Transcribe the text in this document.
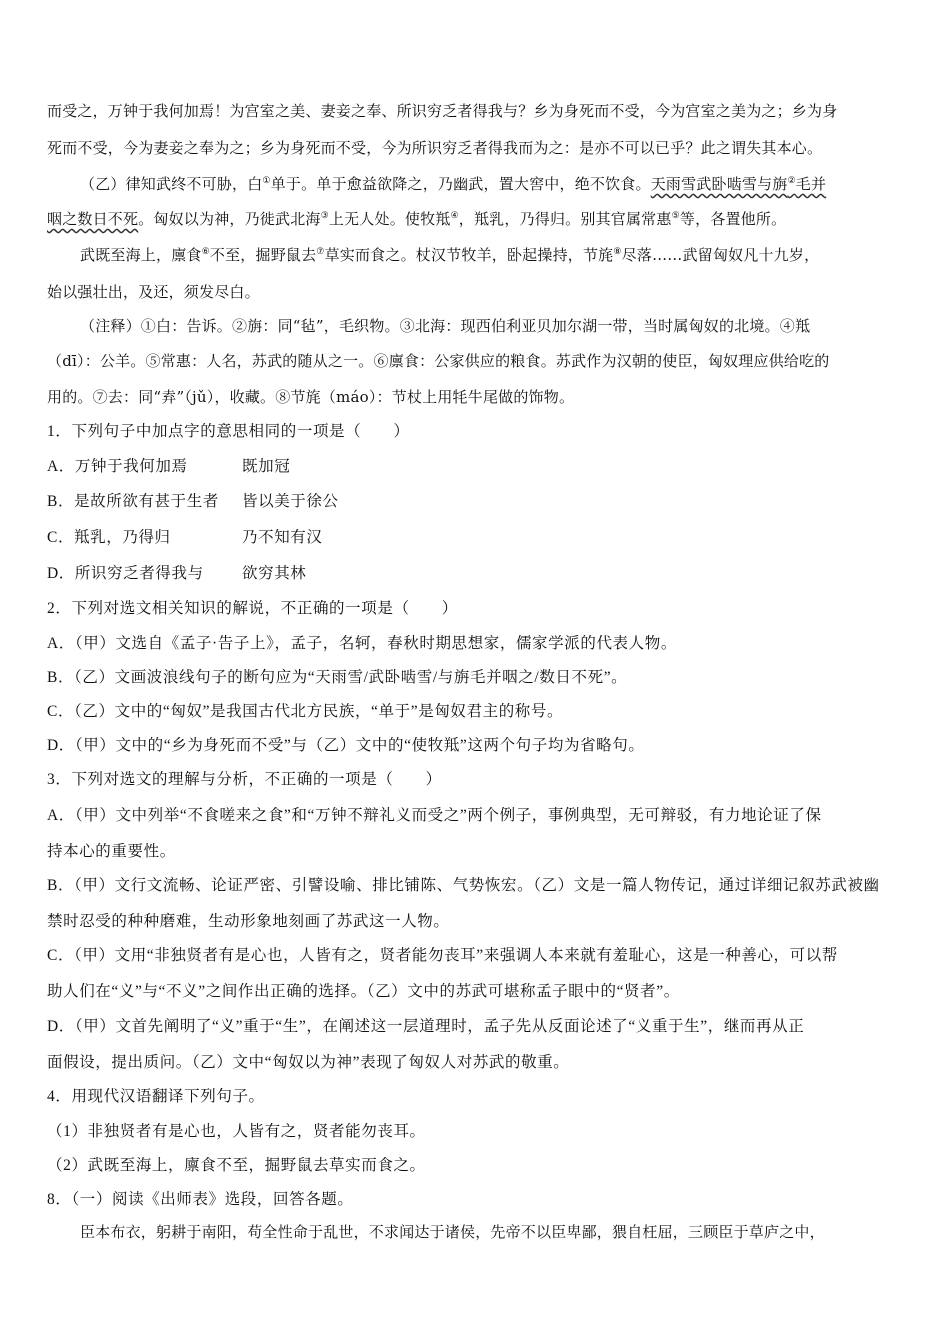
而受之，万钟于我何加焉！为宫室之美、妻妾之奉、所识穷乏者得我与？乡为身死而不受，今为宫室之美为之；乡为身
死而不受，今为妻妾之奉为之；乡为身死而不受，今为所识穷乏者得我而为之：是亦不可以已乎？此之谓失其本心。
（乙）律知武终不可胁，白①单于。单于愈益欲降之，乃幽武，置大窖中，绝不饮食。天雨雪武卧啮雪与旃②毛并
咽之数日不死。匈奴以为神，乃徙武北海③上无人处。使牧羝④，羝乳，乃得归。别其官属常惠⑤等，各置他所。
武既至海上，廪食⑥不至，掘野鼠去⑦草实而食之。杖汉节牧羊，卧起操持，节旄⑧尽落……武留匈奴凡十九岁，
始以强壮出，及还，须发尽白。
（注释）①白：告诉。②旃：同“毡”，毛织物。③北海：现西伯利亚贝加尔湖一带，当时属匈奴的北境。④羝
（dī）：公羊。⑤常惠：人名，苏武的随从之一。⑥廪食：公家供应的粮食。苏武作为汉朝的使臣，匈奴理应供给吃的
用的。⑦去：同“弆”（jǔ），收藏。⑧节旄（máo）：节杖上用牦牛尾做的饰物。
1．下列句子中加点字的意思相同的一项是（　　）
A．万钟于我何加焉	既加冠
B．是故所欲有甚于生者 皆以美于徐公
C．羝乳，乃得归	乃不知有汉
D．所识穷乏者得我与 欲穷其林
2．下列对选文相关知识的解说，不正确的一项是（　　）
A．（甲）文选自《孟子·告子上》，孟子，名轲，春秋时期思想家，儒家学派的代表人物。
B．（乙）文画波浪线句子的断句应为“天雨雪/武卧啮雪/与旃毛并咽之/数日不死”。
C．（乙）文中的“匈奴”是我国古代北方民族，“单于”是匈奴君主的称号。
D．（甲）文中的“乡为身死而不受”与（乙）文中的“使牧羝”这两个句子均为省略句。
3．下列对选文的理解与分析，不正确的一项是（　　）
A．（甲）文中列举“不食嗟来之食”和“万钟不辩礼义而受之”两个例子，事例典型，无可辩驳，有力地论证了保
持本心的重要性。
B．（甲）文行文流畅、论证严密、引譬设喻、排比铺陈、气势恢宏。（乙）文是一篇人物传记，通过详细记叙苏武被幽
禁时忍受的种种磨难，生动形象地刻画了苏武这一人物。
C．（甲）文用“非独贤者有是心也，人皆有之，贤者能勿丧耳”来强调人本来就有羞耻心，这是一种善心，可以帮
助人们在“义”与“不义”之间作出正确的选择。（乙）文中的苏武可堪称孟子眼中的“贤者”。
D．（甲）文首先阐明了“义”重于“生”，在阐述这一层道理时，孟子先从反面论述了“义重于生”，继而再从正
面假设，提出质问。（乙）文中“匈奴以为神”表现了匈奴人对苏武的敬重。
4．用现代汉语翻译下列句子。
（1）非独贤者有是心也，人皆有之，贤者能勿丧耳。
（2）武既至海上，廪食不至，掘野鼠去草实而食之。
8．（一）阅读《出师表》选段，回答各题。
臣本布衣，躬耕于南阳，苟全性命于乱世，不求闻达于诸侯，先帝不以臣卑鄙，猥自枉屈，三顾臣于草庐之中，
